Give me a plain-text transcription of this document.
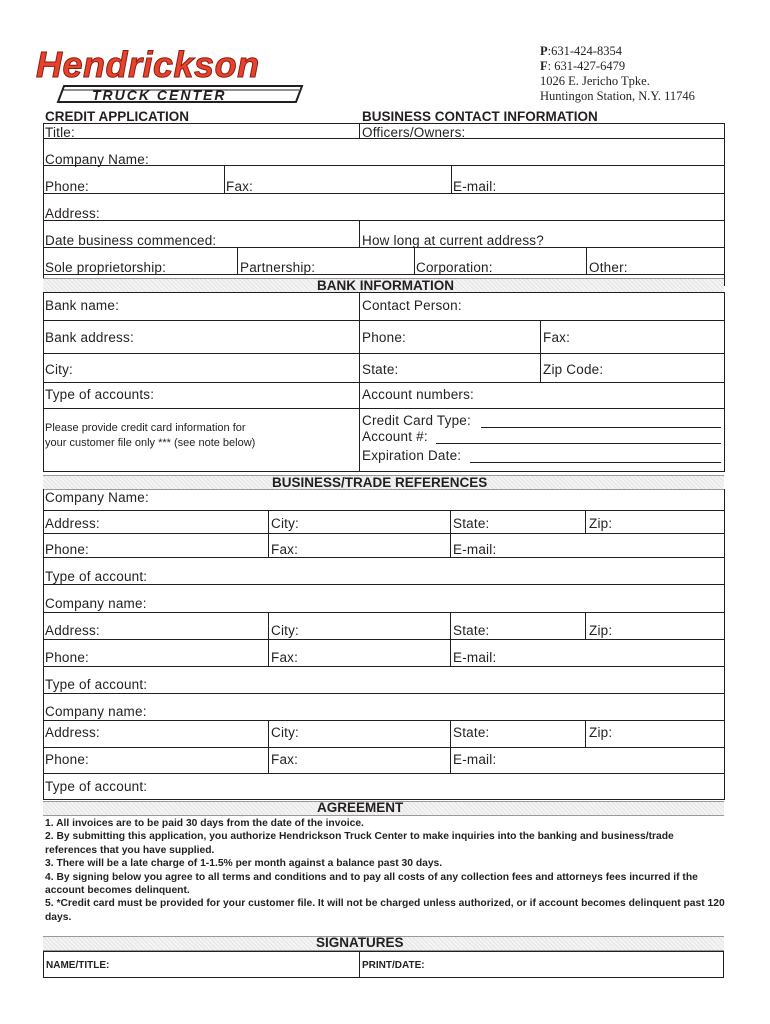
Hendrickson
TRUCK CENTER
P:631-424-8354
F: 631-427-6479
1026 E. Jericho Tpke.
Huntingon Station, N.Y. 11746
CREDIT APPLICATION	BUSINESS CONTACT INFORMATION
Title:	Officers/Owners:
Company Name:
Phone:	Fax:	E-mail:
Address:
Date business commenced:	How long at current address?
Sole proprietorship:	Partnership:	Corporation:	Other:
BANK INFORMATION
Bank name:	Contact Person:
Bank address:	Phone:	Fax:
City:	State:	Zip Code:
Type of accounts:	Account numbers:
Please provide credit card information for
your customer file only *** (see note below)
Credit Card Type:
Account #:
Expiration Date:
BUSINESS/TRADE REFERENCES
Company Name:
Address:	City:	State:	Zip:
Phone:	Fax:	E-mail:
Type of account:
Company name:
Address:	City:	State:	Zip:
Phone:	Fax:	E-mail:
Type of account:
Company name:
Address:	City:	State:	Zip:
Phone:	Fax:	E-mail:
Type of account:
AGREEMENT

1. All invoices are to be paid 30 days from the date of the invoice.

2. By submitting this application, you authorize Hendrickson Truck Center to make inquiries into the banking and business/trade references that you have supplied.

3. There will be a late charge of 1-1.5% per month against a balance past 30 days.

4. By signing below you agree to all terms and conditions and to pay all costs of any collection fees and attorneys fees incurred if the account becomes delinquent.

5. *Credit card must be provided for your customer file. It will not be charged unless authorized, or if account becomes delinquent past 120 days.

SIGNATURES
NAME/TITLE:	PRINT/DATE:
